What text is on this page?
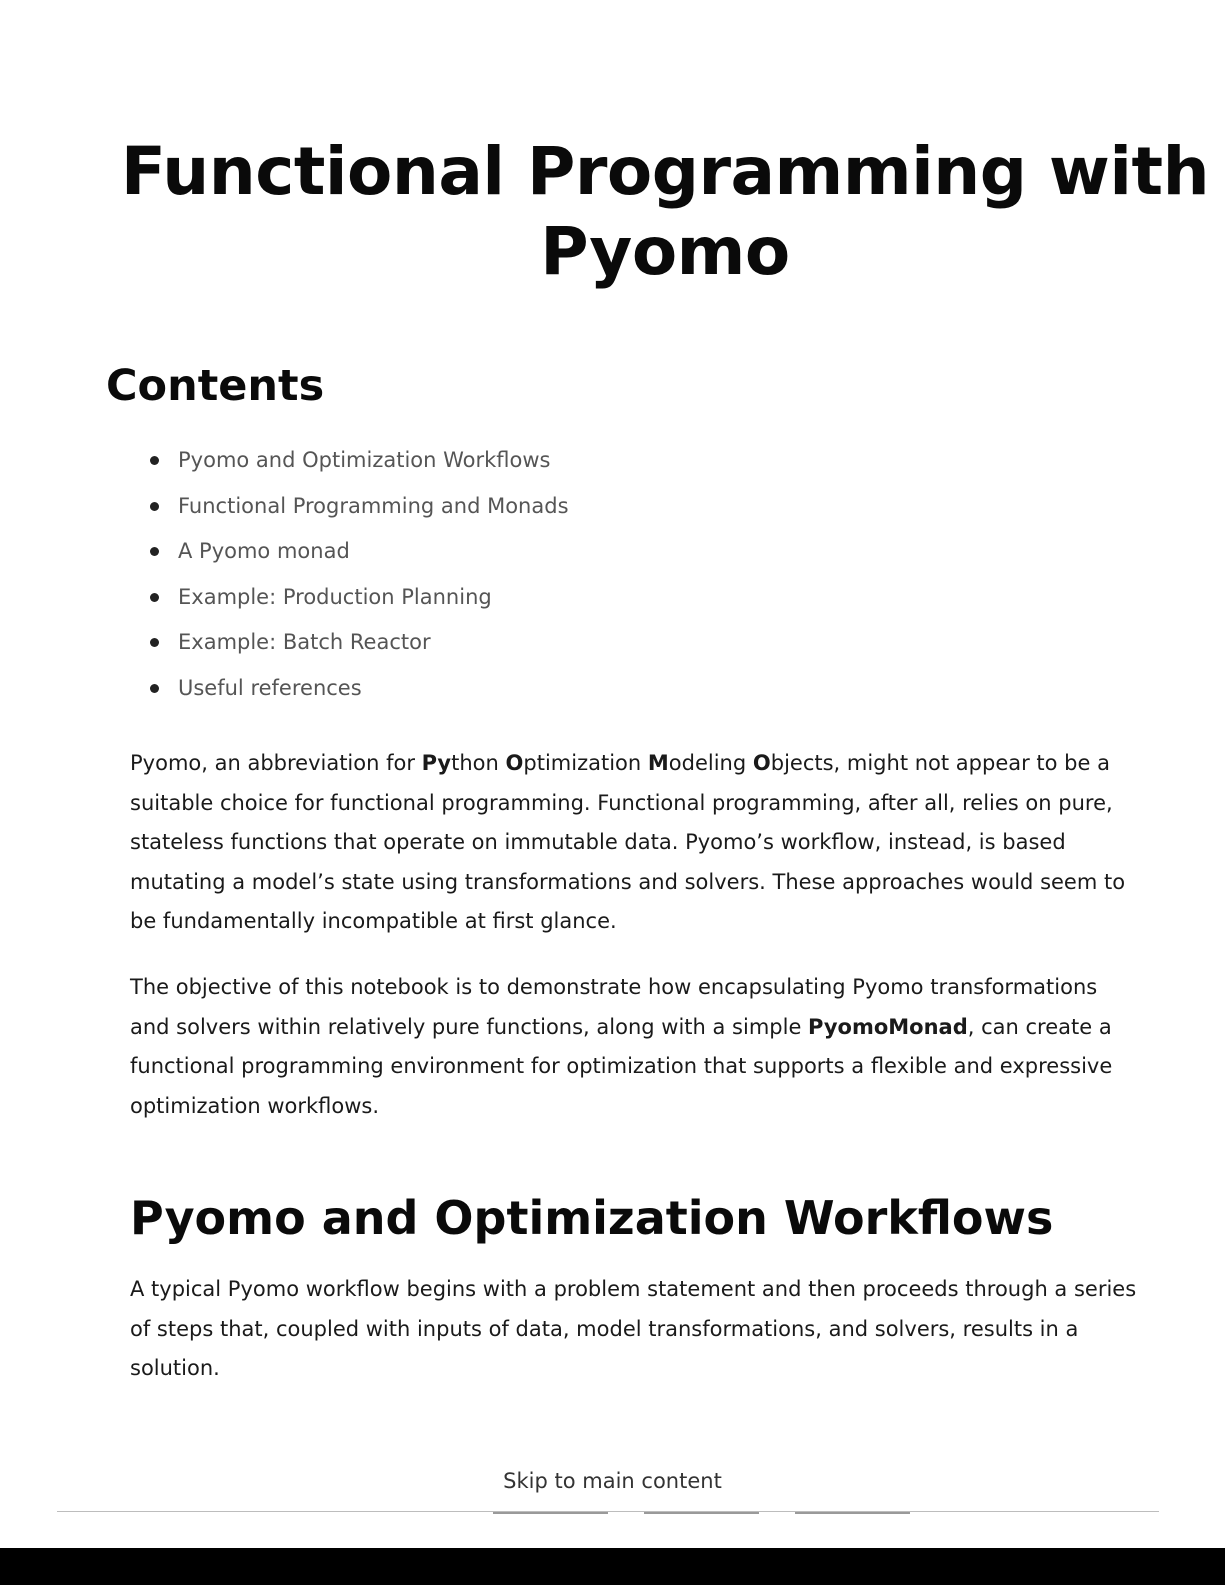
Functional Programming with Pyomo
Contents
Pyomo and Optimization Workflows
Functional Programming and Monads
A Pyomo monad
Example: Production Planning
Example: Batch Reactor
Useful references

Pyomo, an abbreviation for Python Optimization Modeling Objects, might not appear to be a suitable choice for functional programming. Functional programming, after all, relies on pure, stateless functions that operate on immutable data. Pyomo’s workflow, instead, is based mutating a model’s state using transformations and solvers. These approaches would seem to be fundamentally incompatible at first glance.

The objective of this notebook is to demonstrate how encapsulating Pyomo transformations and solvers within relatively pure functions, along with a simple PyomoMonad, can create a functional programming environment for optimization that supports a flexible and expressive optimization workflows.

Pyomo and Optimization Workflows

A typical Pyomo workflow begins with a problem statement and then proceeds through a series of steps that, coupled with inputs of data, model transformations, and solvers, results in a solution.

Skip to main content
